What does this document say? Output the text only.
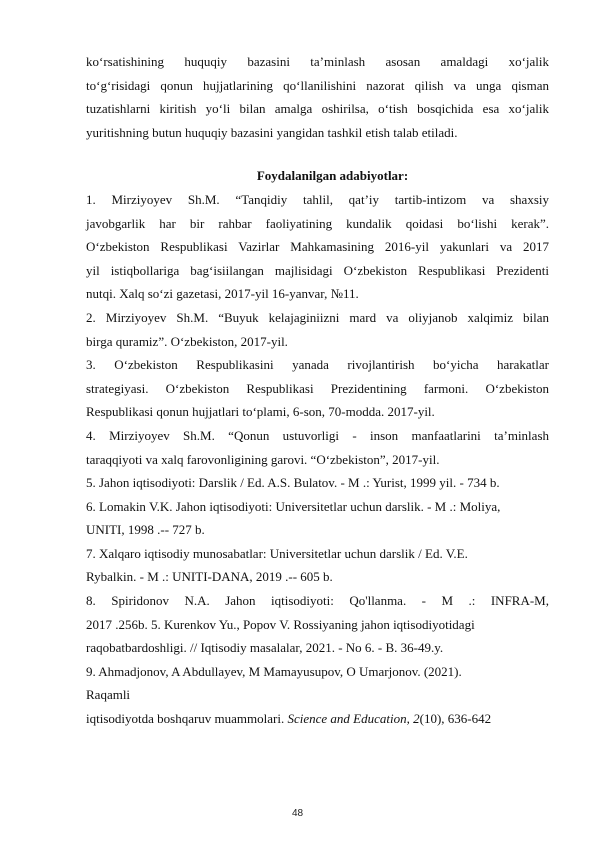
ko‘rsatishining huquqiy bazasini ta’minlash asosan amaldagi xo‘jalik
to‘g‘risidagi qonun hujjatlarining qo‘llanilishini nazorat qilish va unga qisman
tuzatishlarni kiritish yo‘li bilan amalga oshirilsa, o‘tish bosqichida esa xo‘jalik
yuritishning butun huquqiy bazasini yangidan tashkil etish talab etiladi.

Foydalanilgan adabiyotlar:

1. Mirziyoyev Sh.M. “Tanqidiy tahlil, qat’iy tartib-intizom va shaxsiy
javobgarlik har bir rahbar faoliyatining kundalik qoidasi bo‘lishi kerak”.
O‘zbekiston Respublikasi Vazirlar Mahkamasining 2016-yil yakunlari va 2017
yil istiqbollariga bag‘isiilangan majlisidagi O‘zbekiston Respublikasi Prezidenti
nutqi. Xalq so‘zi gazetasi, 2017-yil 16-yanvar, №11.
2. Mirziyoyev Sh.M. “Buyuk kelajaginiizni mard va oliyjanob xalqimiz bilan
birga quramiz”. O‘zbekiston, 2017-yil.
3. O‘zbekiston Respublikasini yanada rivojlantirish bo‘yicha harakatlar
strategiyasi. O‘zbekiston Respublikasi Prezidentining farmoni. O‘zbekiston
Respublikasi qonun hujjatlari to‘plami, 6-son, 70-modda. 2017-yil.
4. Mirziyoyev Sh.M. “Qonun ustuvorligi - inson manfaatlarini ta’minlash
taraqqiyoti va xalq farovonligining garovi. “O‘zbekiston”, 2017-yil.
5. Jahon iqtisodiyoti: Darslik / Ed. A.S. Bulatov. - M .: Yurist, 1999 yil. - 734 b.
6. Lomakin V.K. Jahon iqtisodiyoti: Universitetlar uchun darslik. - M .: Moliya,
UNITI, 1998 .-- 727 b.
7. Xalqaro iqtisodiy munosabatlar: Universitetlar uchun darslik / Ed. V.E.
Rybalkin. - M .: UNITI-DANA, 2019 .-- 605 b.
8. Spiridonov N.A. Jahon iqtisodiyoti: Qo'llanma. - M .: INFRA-M,
2017 .256b. 5. Kurenkov Yu., Popov V. Rossiyaning jahon iqtisodiyotidagi
raqobatbardoshligi. // Iqtisodiy masalalar, 2021. - No 6. - B. 36-49.y.
9. Ahmadjonov, A Abdullayev, M Mamayusupov, O Umarjonov. (2021).
Raqamli
iqtisodiyotda boshqaruv muammolari. Science and Education, 2(10), 636-642
48
